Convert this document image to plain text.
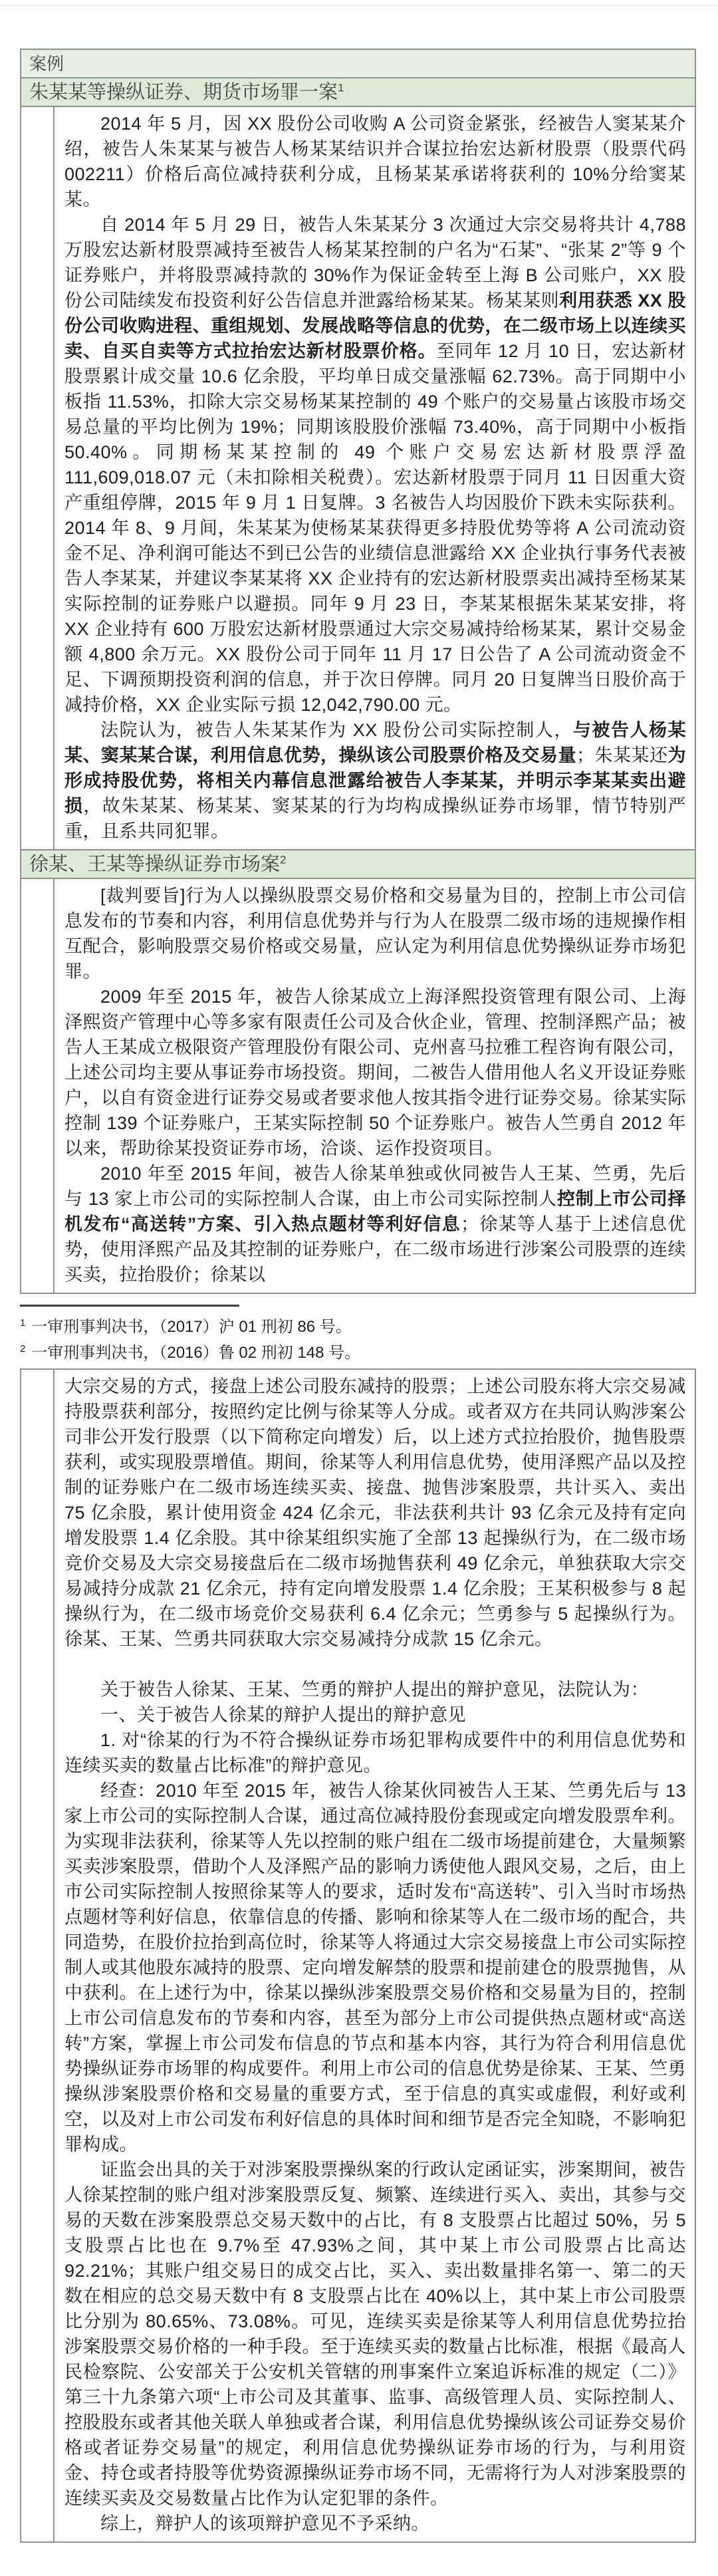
案例
朱某某等操纵证券、期货市场罪一案$^1$

2014 年 5 月，因 XX 股份公司收购 A 公司资金紧张，经被告人窦某某介绍，被告人朱某某与被告人杨某某结识并合谋拉抬宏达新材股票（股票代码 002211）价格后高位减持获利分成，且杨某某承诺将获利的 10%分给窦某某。

自 2014 年 5 月 29 日，被告人朱某某分 3 次通过大宗交易将共计 4,788 万股宏达新材股票减持至被告人杨某某控制的户名为“石某”、“张某 2”等 9 个证券账户，并将股票减持款的 30%作为保证金转至上海 B 公司账户，XX 股份公司陆续发布投资利好公告信息并泄露给杨某某。杨某某则利用获悉 XX 股份公司收购进程、重组规划、发展战略等信息的优势，在二级市场上以连续买卖、自买自卖等方式拉抬宏达新材股票价格。至同年 12 月 10 日，宏达新材股票累计成交量 10.6 亿余股，平均单日成交量涨幅 62.73%。高于同期中小板指 11.53%，扣除大宗交易杨某某控制的 49 个账户的交易量占该股市场交易总量的平均比例为 19%；同期该股股价涨幅 73.40%，高于同期中小板指 50.40%。同期杨某某控制的 49 个账户交易宏达新材股票浮盈 111,609,018.07 元（未扣除相关税费）。宏达新材股票于同月 11 日因重大资产重组停牌，2015 年 9 月 1 日复牌。3 名被告人均因股价下跌未实际获利。2014 年 8、9 月间，朱某某为使杨某某获得更多持股优势等将 A 公司流动资金不足、净利润可能达不到已公告的业绩信息泄露给 XX 企业执行事务代表被告人李某某，并建议李某某将 XX 企业持有的宏达新材股票卖出减持至杨某某实际控制的证券账户以避损。同年 9 月 23 日，李某某根据朱某某安排，将 XX 企业持有 600 万股宏达新材股票通过大宗交易减持给杨某某，累计交易金额 4,800 余万元。XX 股份公司于同年 11 月 17 日公告了 A 公司流动资金不足、下调预期投资利润的信息，并于次日停牌。同月 20 日复牌当日股价高于减持价格，XX 企业实际亏损 12,042,790.00 元。

法院认为，被告人朱某某作为 XX 股份公司实际控制人，与被告人杨某某、窦某某合谋，利用信息优势，操纵该公司股票价格及交易量；朱某某还为形成持股优势，将相关内幕信息泄露给被告人李某某，并明示李某某卖出避损，故朱某某、杨某某、窦某某的行为均构成操纵证券市场罪，情节特别严重，且系共同犯罪。

徐某、王某等操纵证券市场案$^2$

[裁判要旨]行为人以操纵股票交易价格和交易量为目的，控制上市公司信息发布的节奏和内容，利用信息优势并与行为人在股票二级市场的违规操作相互配合，影响股票交易价格或交易量，应认定为利用信息优势操纵证券市场犯罪。

2009 年至 2015 年，被告人徐某成立上海泽熙投资管理有限公司、上海泽熙资产管理中心等多家有限责任公司及合伙企业，管理、控制泽熙产品；被告人王某成立极限资产管理股份有限公司、克州喜马拉雅工程咨询有限公司，上述公司均主要从事证券市场投资。期间，二被告人借用他人名义开设证券账户，以自有资金进行证券交易或者要求他人按其指令进行证券交易。徐某实际控制 139 个证券账户，王某实际控制 50 个证券账户。被告人竺勇自 2012 年以来，帮助徐某投资证券市场，洽谈、运作投资项目。

2010 年至 2015 年间，被告人徐某单独或伙同被告人王某、竺勇，先后与 13 家上市公司的实际控制人合谋，由上市公司实际控制人控制上市公司择机发布“高送转”方案、引入热点题材等利好信息；徐某等人基于上述信息优势，使用泽熙产品及其控制的证券账户，在二级市场进行涉案公司股票的连续买卖，拉抬股价；徐某以

$^1$ 一审刑事判决书，（2017）沪 01 刑初 86 号。
$^2$ 一审刑事判决书，（2016）鲁 02 刑初 148 号。

大宗交易的方式，接盘上述公司股东减持的股票；上述公司股东将大宗交易减持股票获利部分，按照约定比例与徐某等人分成。或者双方在共同认购涉案公司非公开发行股票（以下简称定向增发）后，以上述方式拉抬股价，抛售股票获利，或实现股票增值。期间，徐某等人利用信息优势，使用泽熙产品以及控制的证券账户在二级市场连续买卖、接盘、抛售涉案股票，共计买入、卖出 75 亿余股，累计使用资金 424 亿余元，非法获利共计 93 亿余元及持有定向增发股票 1.4 亿余股。其中徐某组织实施了全部 13 起操纵行为，在二级市场竞价交易及大宗交易接盘后在二级市场抛售获利 49 亿余元，单独获取大宗交易减持分成款 21 亿余元，持有定向增发股票 1.4 亿余股；王某积极参与 8 起操纵行为，在二级市场竞价交易获利 6.4 亿余元；竺勇参与 5 起操纵行为。徐某、王某、竺勇共同获取大宗交易减持分成款 15 亿余元。

关于被告人徐某、王某、竺勇的辩护人提出的辩护意见，法院认为：

一、关于被告人徐某的辩护人提出的辩护意见

1. 对“徐某的行为不符合操纵证券市场犯罪构成要件中的利用信息优势和连续买卖的数量占比标准”的辩护意见。

经查：2010 年至 2015 年，被告人徐某伙同被告人王某、竺勇先后与 13 家上市公司的实际控制人合谋，通过高位减持股份套现或定向增发股票牟利。为实现非法获利，徐某等人先以控制的账户组在二级市场提前建仓，大量频繁买卖涉案股票，借助个人及泽熙产品的影响力诱使他人跟风交易，之后，由上市公司实际控制人按照徐某等人的要求，适时发布“高送转”、引入当时市场热点题材等利好信息，依靠信息的传播、影响和徐某等人在二级市场的配合，共同造势，在股价拉抬到高位时，徐某等人将通过大宗交易接盘上市公司实际控制人或其他股东减持的股票、定向增发解禁的股票和提前建仓的股票抛售，从中获利。在上述行为中，徐某以操纵涉案股票交易价格和交易量为目的，控制上市公司信息发布的节奏和内容，甚至为部分上市公司提供热点题材或“高送转”方案，掌握上市公司发布信息的节点和基本内容，其行为符合利用信息优势操纵证券市场罪的构成要件。利用上市公司的信息优势是徐某、王某、竺勇操纵涉案股票价格和交易量的重要方式，至于信息的真实或虚假，利好或利空，以及对上市公司发布利好信息的具体时间和细节是否完全知晓，不影响犯罪构成。

证监会出具的关于对涉案股票操纵案的行政认定函证实，涉案期间，被告人徐某控制的账户组对涉案股票反复、频繁、连续进行买入、卖出，其参与交易的天数在涉案股票总交易天数中的占比，有 8 支股票占比超过 50%，另 5 支股票占比也在 9.7%至 47.93%之间，其中某上市公司股票占比高达 92.21%；其账户组交易日的成交占比，买入、卖出数量排名第一、第二的天数在相应的总交易天数中有 8 支股票占比在 40%以上，其中某上市公司股票比分别为 80.65%、73.08%。可见，连续买卖是徐某等人利用信息优势拉抬涉案股票交易价格的一种手段。至于连续买卖的数量占比标准，根据《最高人民检察院、公安部关于公安机关管辖的刑事案件立案追诉标准的规定（二）》第三十九条第六项“上市公司及其董事、监事、高级管理人员、实际控制人、控股股东或者其他关联人单独或者合谋，利用信息优势操纵该公司证券交易价格或者证券交易量”的规定，利用信息优势操纵证券市场的行为，与利用资金、持仓或者持股等优势资源操纵证券市场不同，无需将行为人对涉案股票的连续买卖及交易数量占比作为认定犯罪的条件。

综上，辩护人的该项辩护意见不予采纳。
